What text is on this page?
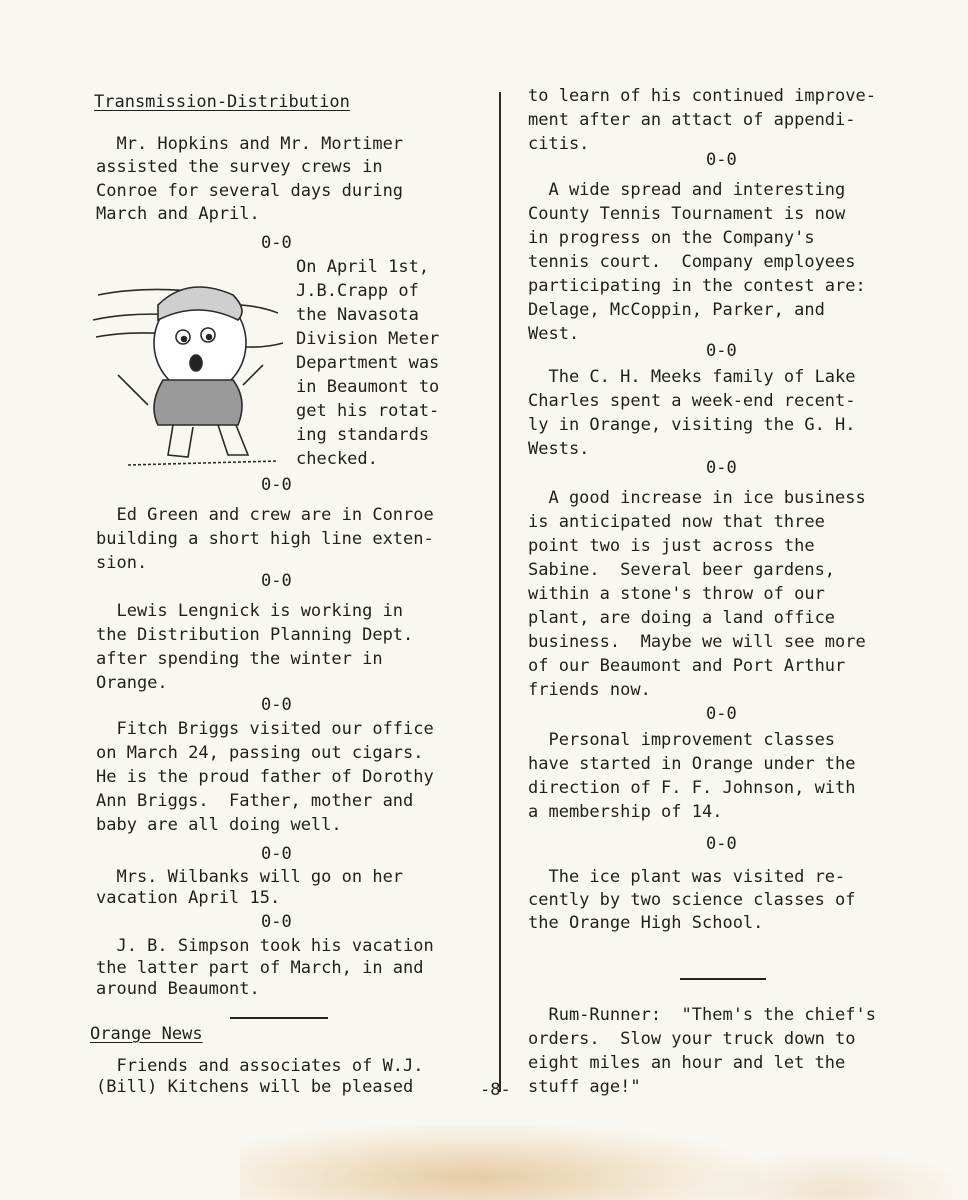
Transmission-Distribution
Mr. Hopkins and Mr. Mortimer
assisted the survey crews in
Conroe for several days during
March and April.
0-0
On April 1st,
J.B.Crapp of
the Navasota
Division Meter
Department was
in Beaumont to
get his rotat-
ing standards
checked.
0-0
Ed Green and crew are in Conroe
building a short high line exten-
sion.
0-0
Lewis Lengnick is working in
the Distribution Planning Dept.
after spending the winter in
Orange.
0-0
Fitch Briggs visited our office
on March 24, passing out cigars.
He is the proud father of Dorothy
Ann Briggs.  Father, mother and
baby are all doing well.
0-0
Mrs. Wilbanks will go on her
vacation April 15.
0-0
J. B. Simpson took his vacation
the latter part of March, in and
around Beaumont.
Orange News
Friends and associates of W.J.
(Bill) Kitchens will be pleased	-8-
to learn of his continued improve-
ment after an attact of appendi-
citis.
0-0
A wide spread and interesting
County Tennis Tournament is now
in progress on the Company's
tennis court.  Company employees
participating in the contest are:
Delage, McCoppin, Parker, and
West.
0-0
The C. H. Meeks family of Lake
Charles spent a week-end recent-
ly in Orange, visiting the G. H.
Wests.
0-0
A good increase in ice business
is anticipated now that three
point two is just across the
Sabine.  Several beer gardens,
within a stone's throw of our
plant, are doing a land office
business.  Maybe we will see more
of our Beaumont and Port Arthur
friends now.
0-0
Personal improvement classes
have started in Orange under the
direction of F. F. Johnson, with
a membership of 14.
0-0
The ice plant was visited re-
cently by two science classes of
the Orange High School.
Rum-Runner:  "Them's the chief's
orders.  Slow your truck down to
eight miles an hour and let the
stuff age!"
